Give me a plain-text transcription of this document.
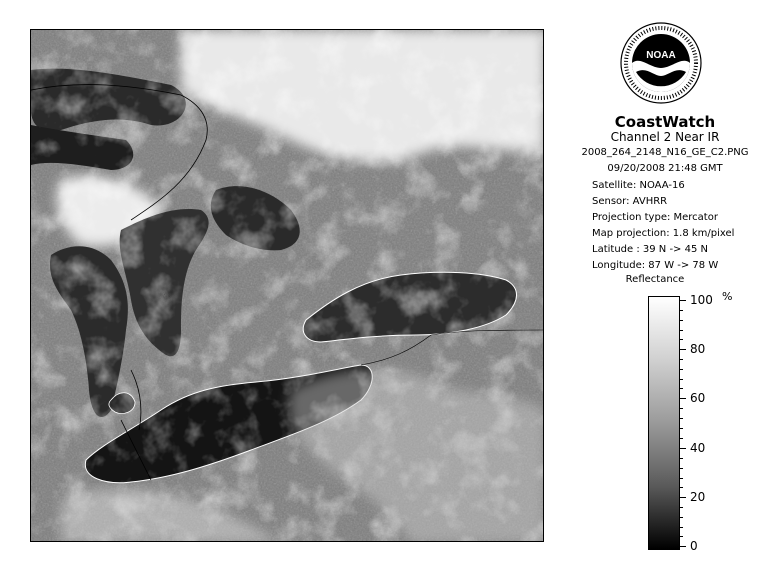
NOAA
CoastWatch
Channel 2 Near IR
2008_264_2148_N16_GE_C2.PNG
09/20/2008 21:48 GMT
Satellite: NOAA-16
Sensor: AVHRR
Projection type: Mercator
Map projection: 1.8 km/pixel
Latitude : 39 N -> 45 N
Longitude: 87 W -> 78 W
Reflectance
%
100
80
60
40
20
0
